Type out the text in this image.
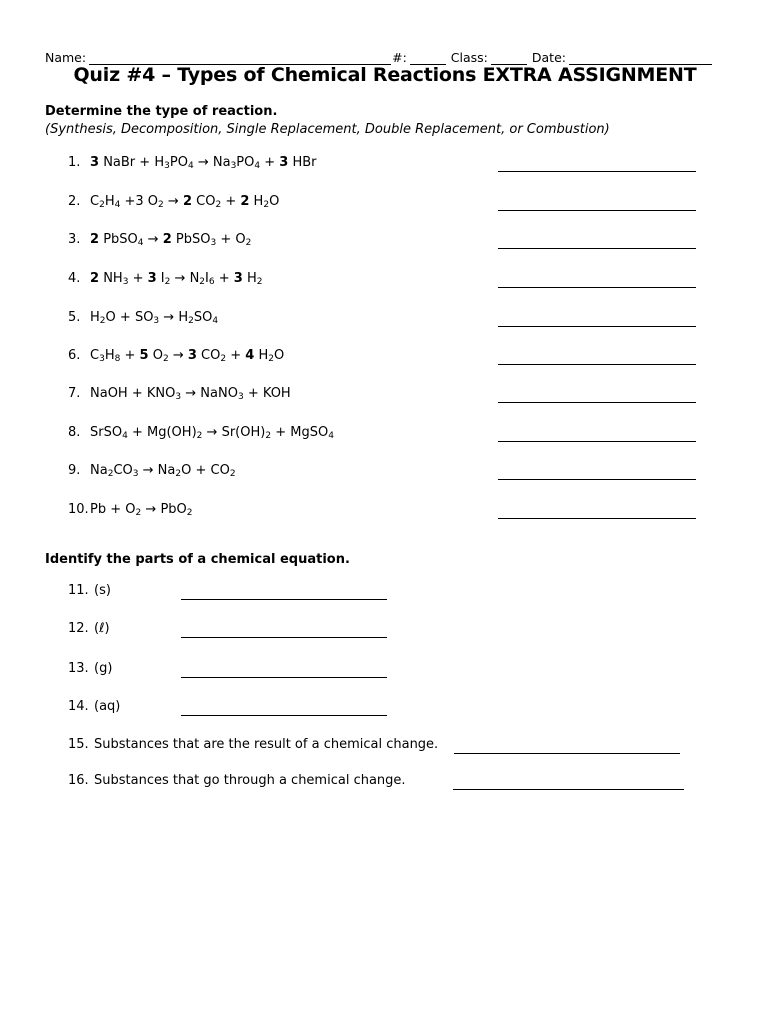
Name:	#:	Class:	Date:
Quiz #4 – Types of Chemical Reactions EXTRA ASSIGNMENT
Determine the type of reaction.
(Synthesis, Decomposition, Single Replacement, Double Replacement, or Combustion)
1. 3 NaBr + $H_3PO_4 \to Na_3PO_4 + 3$ HBr
2. $C_2H_4 +3$ $O_2 \to 2$ $CO_2 + 2$ $H_2O$
3. 2 PbSO$_4$ → 2 PbSO$_3$ + $O_2$
4. 2 $NH_3 + 3$ $I_2 \to N_2I_6 + 3$ $H_2$
5. $H_2O + SO_3 \to H_2SO_4$
6. $C_3H_8 + 5$ $O_2 \to 3$ $CO_2 + 4$ $H_2O$
7. NaOH + $KNO_3$ → NaNO$_3$ + KOH
8. SrSO$_4$ + $Mg(OH)_2 \to Sr(OH)_2$ + MgSO$_4$
9. $Na_2CO_3 \to Na_2O + CO_2$
10. $Pb + O_2 \to PbO_2$
Identify the parts of a chemical equation.
11. (s)
12. (ℓ)
13. (g)
14. (aq)
15. Substances that are the result of a chemical change.
16. Substances that go through a chemical change.
